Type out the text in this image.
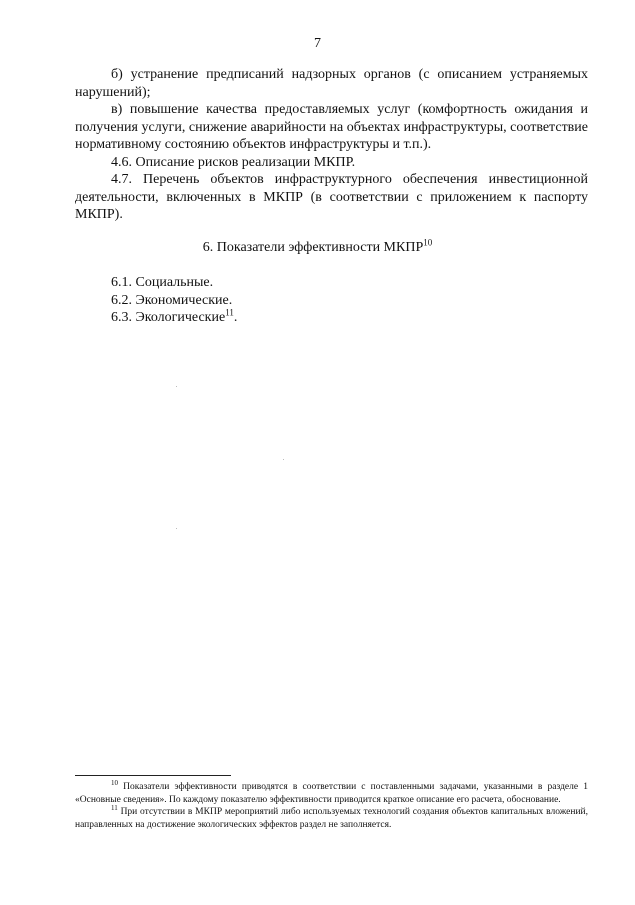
7

б) устранение предписаний надзорных органов (с описанием устраняемых нарушений);

в) повышение качества предоставляемых услуг (комфортность ожидания и получения услуги, снижение аварийности на объектах инфраструктуры, соответствие нормативному состоянию объектов инфраструктуры и т.п.).

4.6. Описание рисков реализации МКПР.

4.7. Перечень объектов инфраструктурного обеспечения инвестиционной деятельности, включенных в МКПР (в соответствии с приложением к паспорту МКПР).

6. Показатели эффективности МКПР$^{10}$

6.1. Социальные.

6.2. Экономические.

6.3. Экологические$^{11}$.

$^{10}$ Показатели эффективности приводятся в соответствии с поставленными задачами, указанными в разделе 1 «Основные сведения». По каждому показателю эффективности приводится краткое описание его расчета, обоснование.

$^{11}$ При отсутствии в МКПР мероприятий либо используемых технологий создания объектов капитальных вложений, направленных на достижение экологических эффектов раздел не заполняется.
